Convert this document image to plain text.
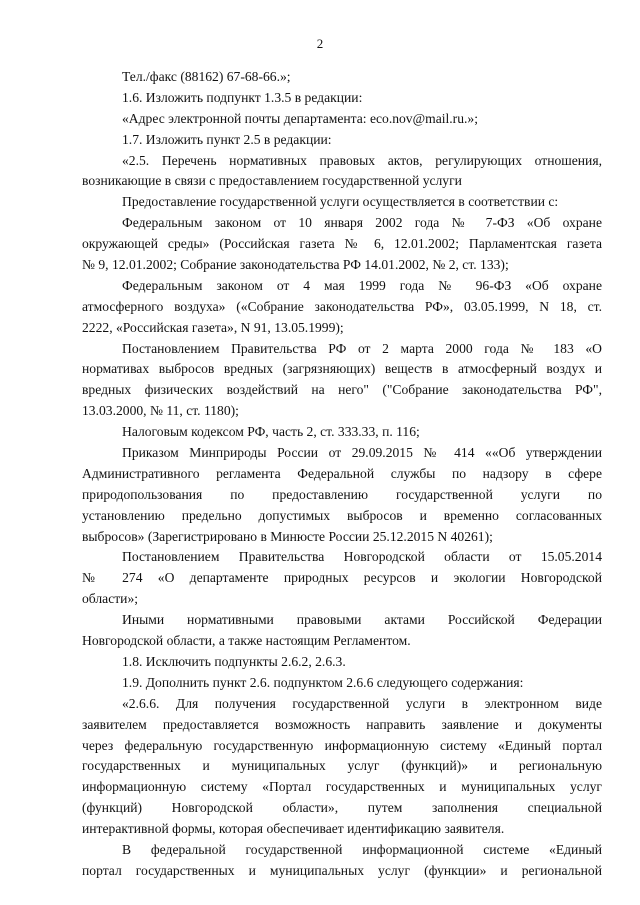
2
Тел./факс (88162) 67-68-66.»;
1.6. Изложить подпункт 1.3.5 в редакции:
«Адрес электронной почты департамента: eco.nov@mail.ru.»;
1.7. Изложить пункт 2.5 в редакции:
«2.5. Перечень нормативных правовых актов, регулирующих отношения,
возникающие в связи с предоставлением государственной услуги
Предоставление государственной услуги осуществляется в соответствии с:
Федеральным законом от 10 января 2002 года № 7-ФЗ «Об охране
окружающей среды» (Российская газета № 6, 12.01.2002; Парламентская газета
№ 9, 12.01.2002; Собрание законодательства РФ 14.01.2002, № 2, ст. 133);
Федеральным законом от 4 мая 1999 года № 96-ФЗ «Об охране
атмосферного воздуха» («Собрание законодательства РФ», 03.05.1999, N 18, ст.
2222, «Российская газета», N 91, 13.05.1999);
Постановлением Правительства РФ от 2 марта 2000 года № 183 «О
нормативах выбросов вредных (загрязняющих) веществ в атмосферный воздух и
вредных физических воздействий на него" ("Собрание законодательства РФ",
13.03.2000, № 11, ст. 1180);
Налоговым кодексом РФ, часть 2, ст. 333.33, п. 116;
Приказом Минприроды России от 29.09.2015 № 414 ««Об утверждении
Административного регламента Федеральной службы по надзору в сфере
природопользования по предоставлению государственной услуги по
установлению предельно допустимых выбросов и временно согласованных
выбросов» (Зарегистрировано в Минюсте России 25.12.2015 N 40261);
Постановлением Правительства Новгородской области от 15.05.2014
№ 274 «О департаменте природных ресурсов и экологии Новгородской
области»;
Иными нормативными правовыми актами Российской Федерации
Новгородской области, а также настоящим Регламентом.
1.8. Исключить подпункты 2.6.2, 2.6.3.
1.9. Дополнить пункт 2.6. подпунктом 2.6.6 следующего содержания:
«2.6.6. Для получения государственной услуги в электронном виде
заявителем предоставляется возможность направить заявление и документы
через федеральную государственную информационную систему «Единый портал
государственных и муниципальных услуг (функций)» и региональную
информационную систему «Портал государственных и муниципальных услуг
(функций) Новгородской области», путем заполнения специальной
интерактивной формы, которая обеспечивает идентификацию заявителя.
В федеральной государственной информационной системе «Единый
портал государственных и муниципальных услуг (функции» и региональной
